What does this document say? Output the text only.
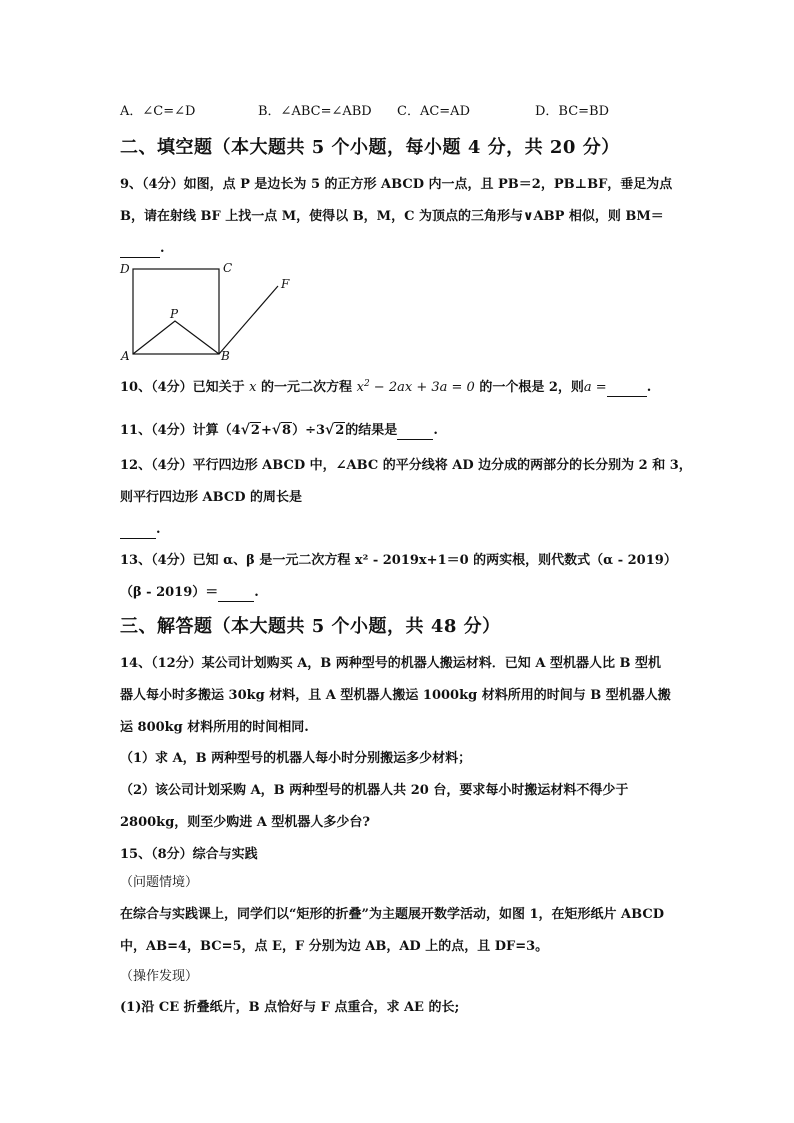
A．∠C=∠D	B．∠ABC=∠ABD C．AC=AD	D．BC=BD
二、填空题（本大题共 5 个小题，每小题 4 分，共 20 分）
9、（4分）如图，点 P 是边长为 5 的正方形 ABCD 内一点，且 PB＝2，PB⊥BF，垂足为点
B，请在射线 BF 上找一点 M，使得以 B，M，C 为顶点的三角形与∨ABP 相似，则 BM＝
.
D	C
P
A	B
F
10、（4分）已知关于 x 的一元二次方程 $x^2 - 2ax + 3a = 0$ 的一个根是 2，则a =	.
11、（4分）计算（4√2+√8）÷3√2的结果是	.
12、（4分）平行四边形 ABCD 中，∠ABC 的平分线将 AD 边分成的两部分的长分别为 2 和 3，
则平行四边形 ABCD 的周长是
.
13、（4分）已知 α、β 是一元二次方程 x² - 2019x+1＝0 的两实根，则代数式（α - 2019）
（β - 2019）＝	.
三、解答题（本大题共 5 个小题，共 48 分）
14、（12分）某公司计划购买 A，B 两种型号的机器人搬运材料．已知 A 型机器人比 B 型机
器人每小时多搬运 30kg 材料，且 A 型机器人搬运 1000kg 材料所用的时间与 B 型机器人搬
运 800kg 材料所用的时间相同.
（1）求 A，B 两种型号的机器人每小时分别搬运多少材料；
（2）该公司计划采购 A，B 两种型号的机器人共 20 台，要求每小时搬运材料不得少于
2800kg，则至少购进 A 型机器人多少台?
15、（8分）综合与实践
（问题情境）
在综合与实践课上，同学们以“矩形的折叠”为主题展开数学活动，如图 1，在矩形纸片 ABCD
中，AB=4，BC=5，点 E，F 分别为边 AB，AD 上的点，且 DF=3。
（操作发现）
(1)沿 CE 折叠纸片，B 点恰好与 F 点重合，求 AE 的长;
